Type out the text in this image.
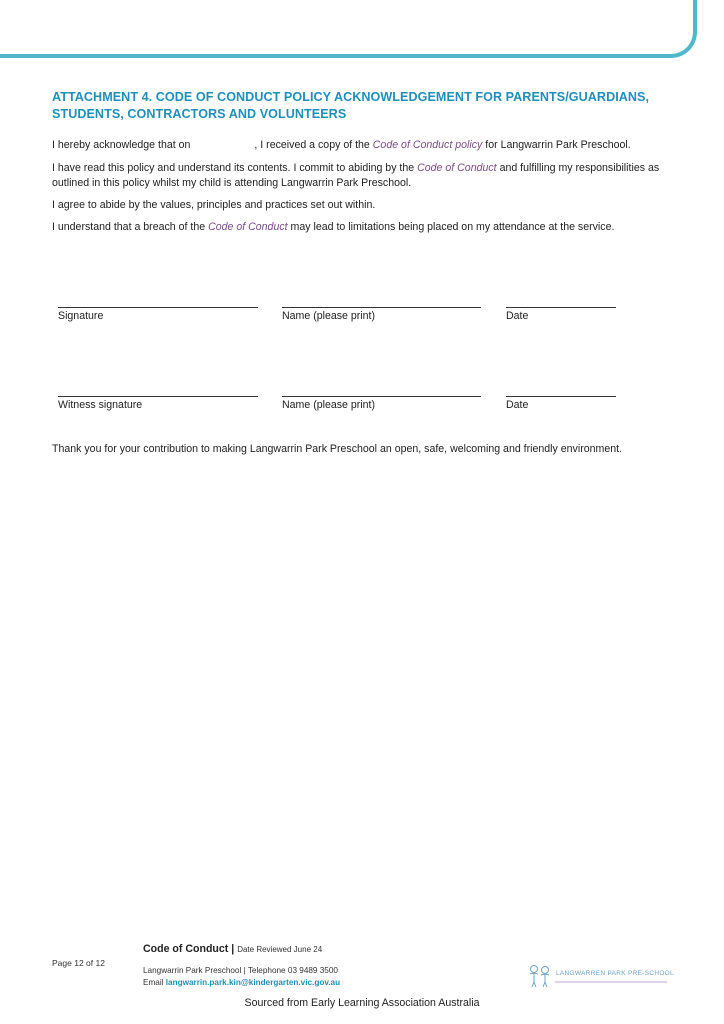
ATTACHMENT 4. CODE OF CONDUCT POLICY ACKNOWLEDGEMENT FOR PARENTS/GUARDIANS, STUDENTS, CONTRACTORS AND VOLUNTEERS
I hereby acknowledge that on	, I received a copy of the Code of Conduct policy for Langwarrin Park Preschool.
I have read this policy and understand its contents. I commit to abiding by the Code of Conduct and fulfilling my responsibilities as outlined in this policy whilst my child is attending Langwarrin Park Preschool.
I agree to abide by the values, principles and practices set out within.
I understand that a breach of the Code of Conduct may lead to limitations being placed on my attendance at the service.
Signature	Name (please print)	Date
Witness signature	Name (please print)	Date
Thank you for your contribution to making Langwarrin Park Preschool an open, safe, welcoming and friendly environment.
Page 12 of 12
Code of Conduct | Date Reviewed June 24
Langwarrin Park Preschool | Telephone 03 9489 3500
Email langwarrin.park.kin@kindergarten.vic.gov.au
LANGWARREN PARK PRE-SCHOOL
Sourced from Early Learning Association Australia
